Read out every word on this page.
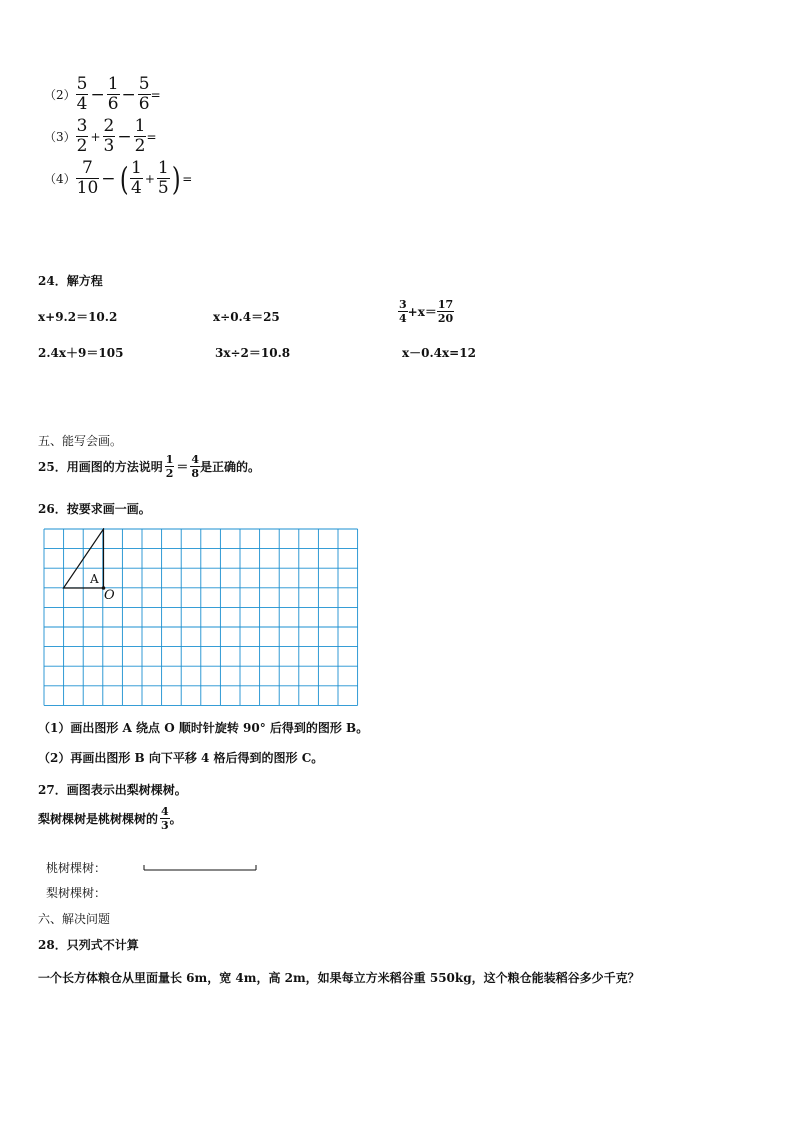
$(2) \frac{5}{4} - \frac{1}{6} - \frac{5}{6}$ =
$(3) \frac{3}{2} + \frac{2}{3} - \frac{1}{2}$ =
$(4) \frac{7}{10}$ − ( $\frac{1}{4} + \frac{1}{5}$ ) =
24．解方程
x+9.2＝10.2	x÷0.4＝25	$\frac{3}{4} +x= \frac{17}{20}$
2.4x＋9＝105	3x÷2＝10.8	x－0.4x=12
五、能写会画。
25．用画图的方法说明 $\frac{1}{2} = \frac{4}{8}$ 是正确的。
26．按要求画一画。
A
O
（1）画出图形 A 绕点 O 顺时针旋转 90° 后得到的图形 B。
（2）再画出图形 B 向下平移 4 格后得到的图形 C。
27．画图表示出梨树棵树。
梨树棵树是桃树棵树的 $\frac{4}{3}$ 。
桃树棵树：
梨树棵树：
六、解决问题
28．只列式不计算
一个长方体粮仓从里面量长 6m，宽 4m，高 2m，如果每立方米稻谷重 550kg，这个粮仓能装稻谷多少千克？
